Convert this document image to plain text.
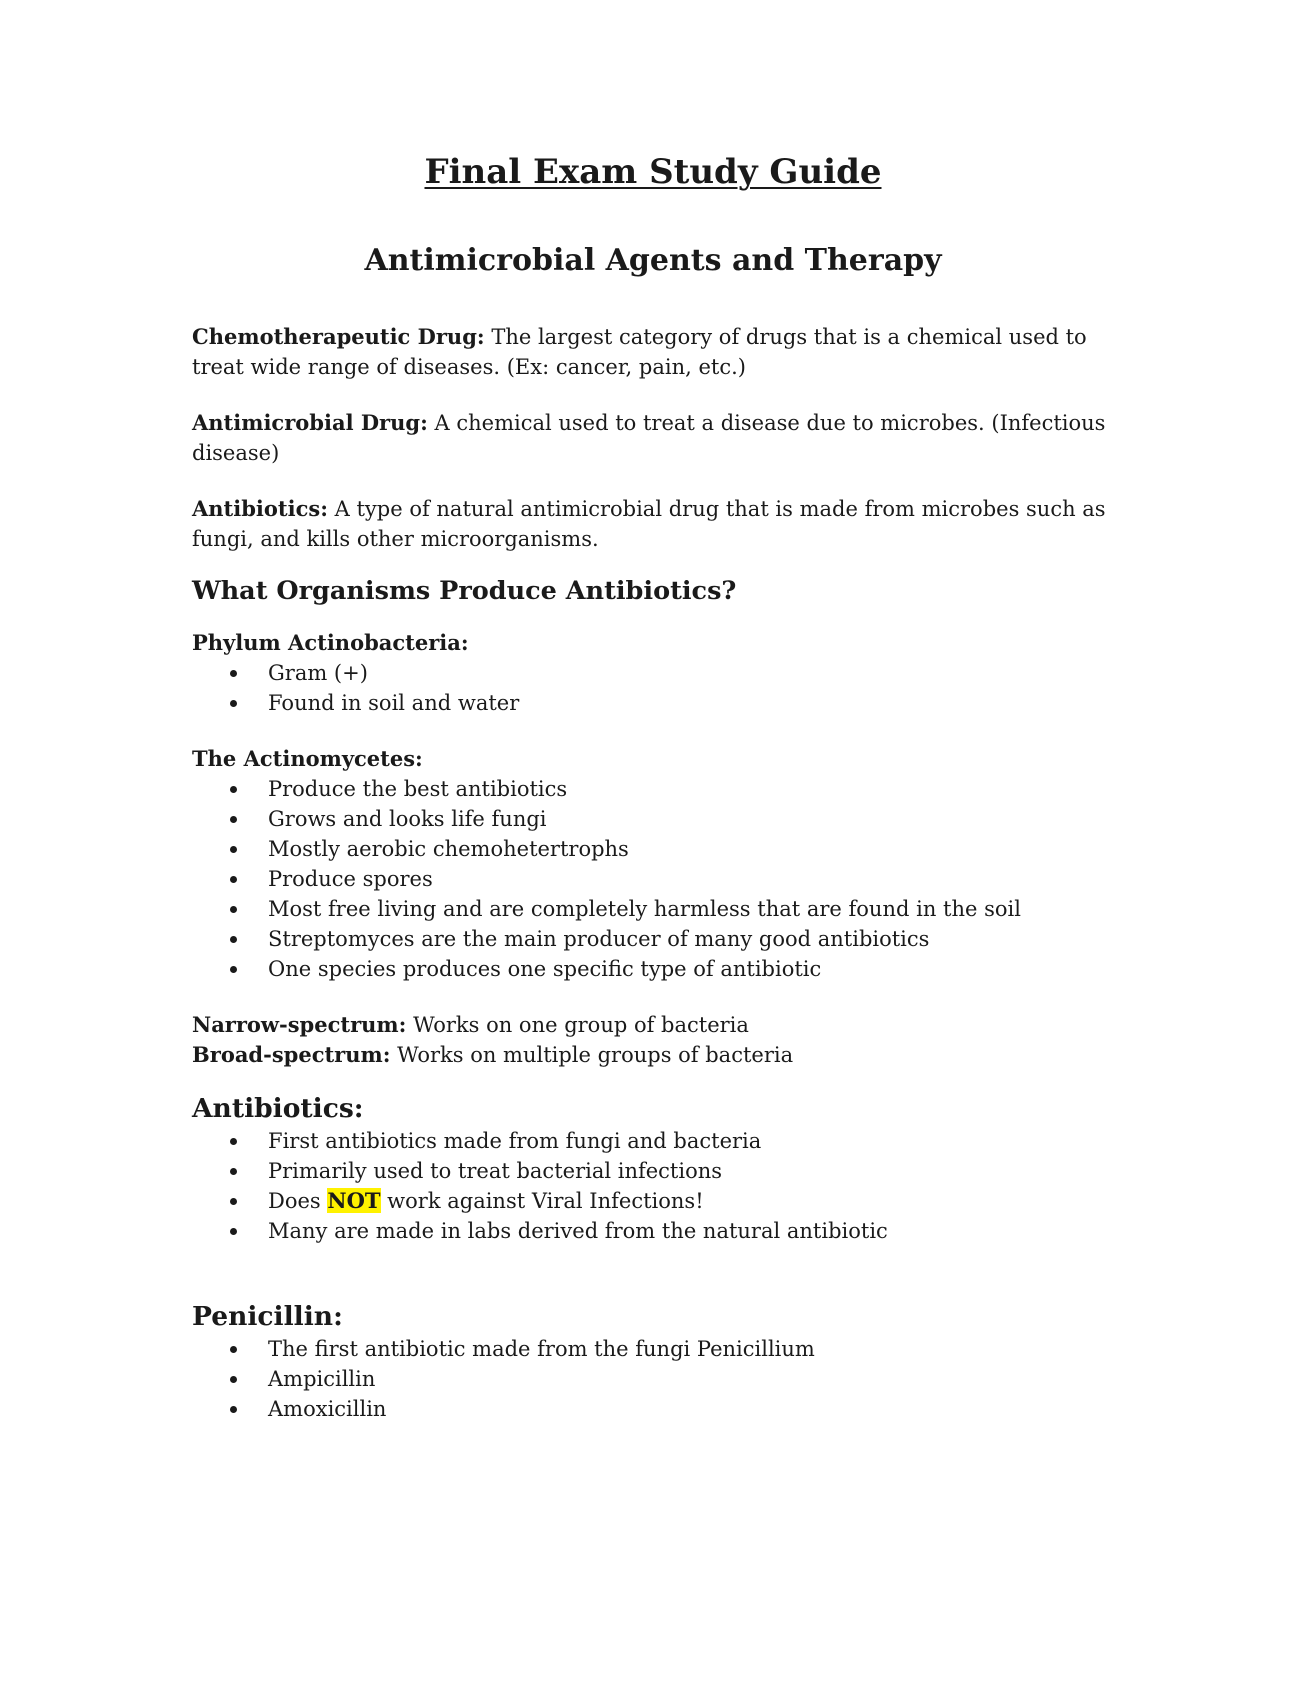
Final Exam Study Guide
Antimicrobial Agents and Therapy

Chemotherapeutic Drug: The largest category of drugs that is a chemical used to treat wide range of diseases. (Ex: cancer, pain, etc.)

Antimicrobial Drug: A chemical used to treat a disease due to microbes. (Infectious disease)

Antibiotics: A type of natural antimicrobial drug that is made from microbes such as fungi, and kills other microorganisms.

What Organisms Produce Antibiotics?
Phylum Actinobacteria:
Gram (+)
Found in soil and water
The Actinomycetes:
Produce the best antibiotics
Grows and looks life fungi
Mostly aerobic chemohetertrophs
Produce spores
Most free living and are completely harmless that are found in the soil
Streptomyces are the main producer of many good antibiotics
One species produces one specific type of antibiotic

Narrow-spectrum: Works on one group of bacteria

Broad-spectrum: Works on multiple groups of bacteria

Antibiotics:
First antibiotics made from fungi and bacteria
Primarily used to treat bacterial infections
Does NOT work against Viral Infections!
Many are made in labs derived from the natural antibiotic
Penicillin:
The first antibiotic made from the fungi Penicillium
Ampicillin
Amoxicillin
